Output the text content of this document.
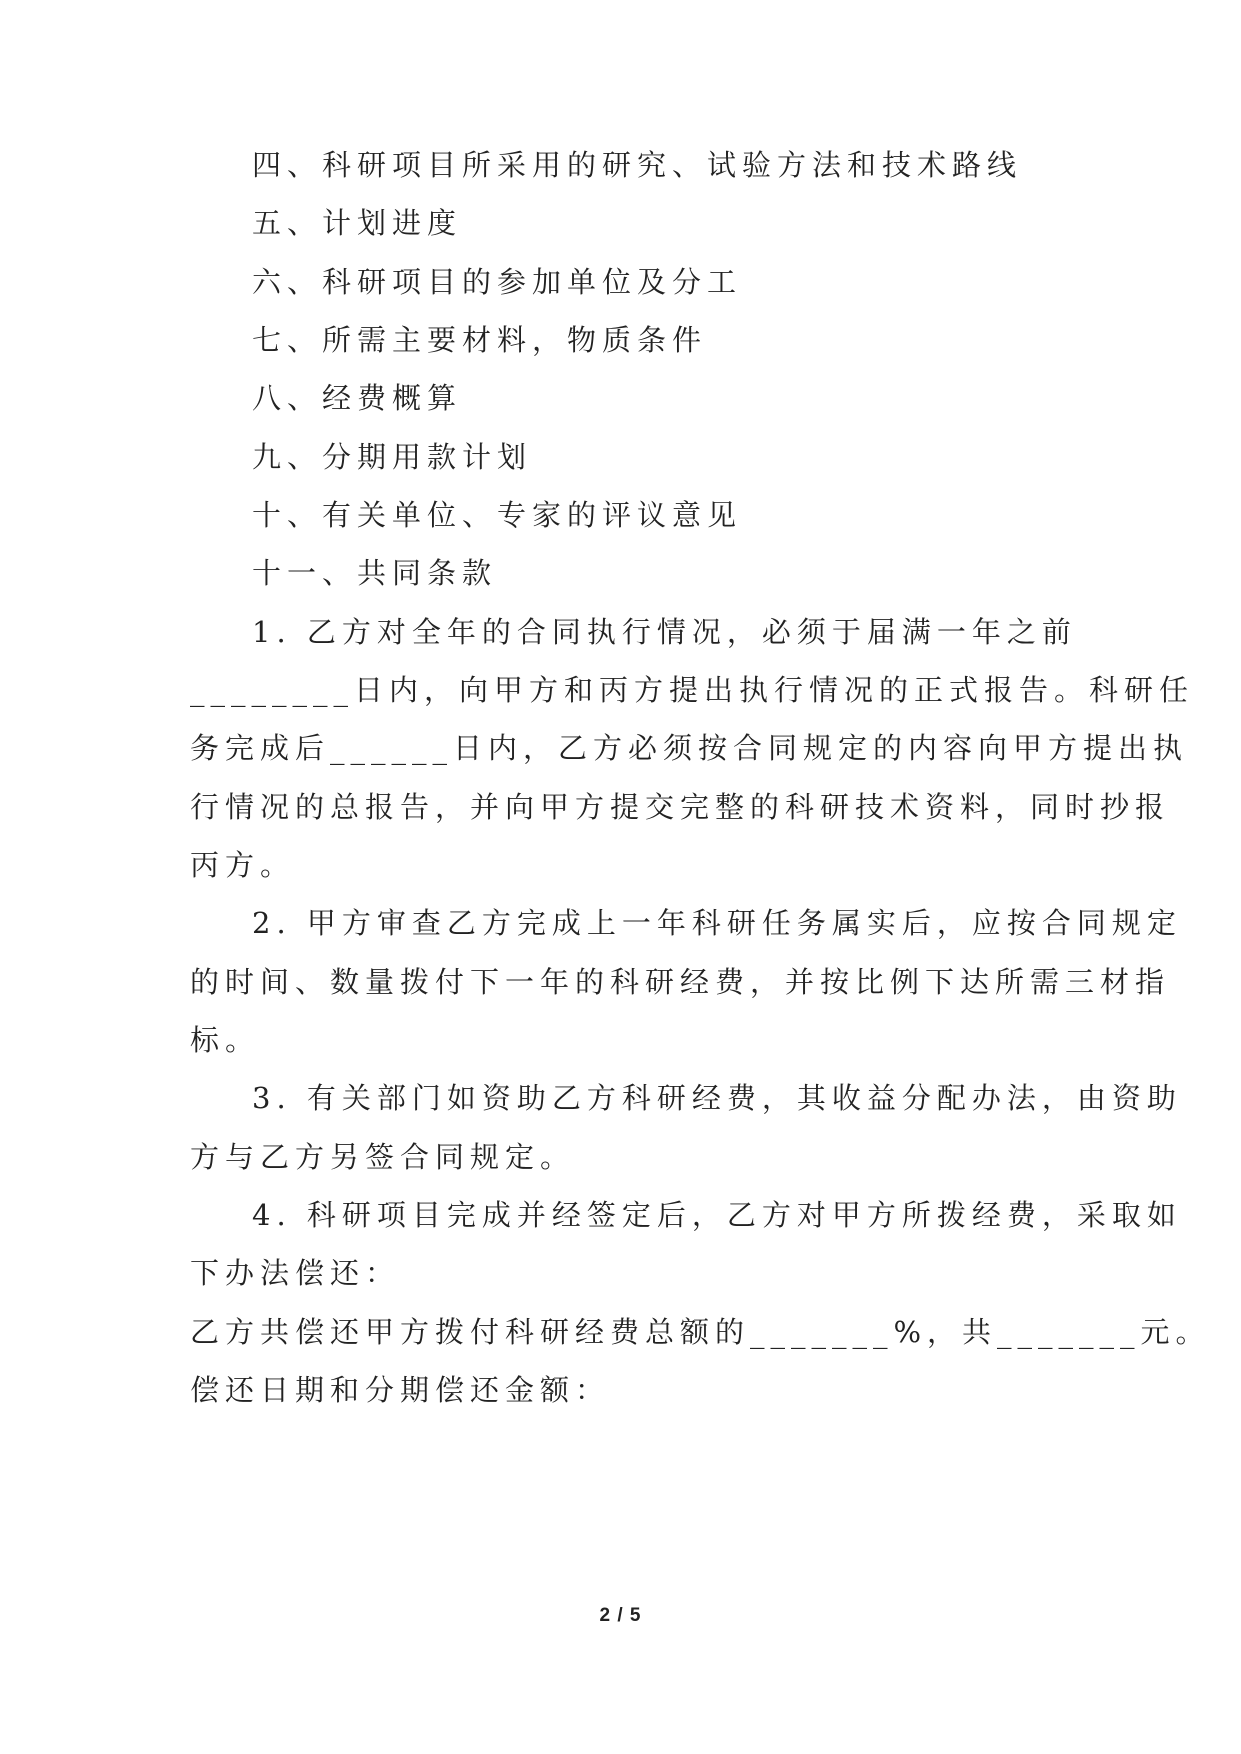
四、科研项目所采用的研究、试验方法和技术路线
五、计划进度
六、科研项目的参加单位及分工
七、所需主要材料，物质条件
八、经费概算
九、分期用款计划
十、有关单位、专家的评议意见
十一、共同条款
1. 乙方对全年的合同执行情况，必须于届满一年之前
________日内，向甲方和丙方提出执行情况的正式报告。科研任
务完成后______日内，乙方必须按合同规定的内容向甲方提出执
行情况的总报告，并向甲方提交完整的科研技术资料，同时抄报
丙方。
2. 甲方审查乙方完成上一年科研任务属实后，应按合同规定
的时间、数量拨付下一年的科研经费，并按比例下达所需三材指
标。
3. 有关部门如资助乙方科研经费，其收益分配办法，由资助
方与乙方另签合同规定。
4. 科研项目完成并经签定后，乙方对甲方所拨经费，采取如
下办法偿还：
乙方共偿还甲方拨付科研经费总额的_______%，共_______元。
偿还日期和分期偿还金额：
2 / 5
